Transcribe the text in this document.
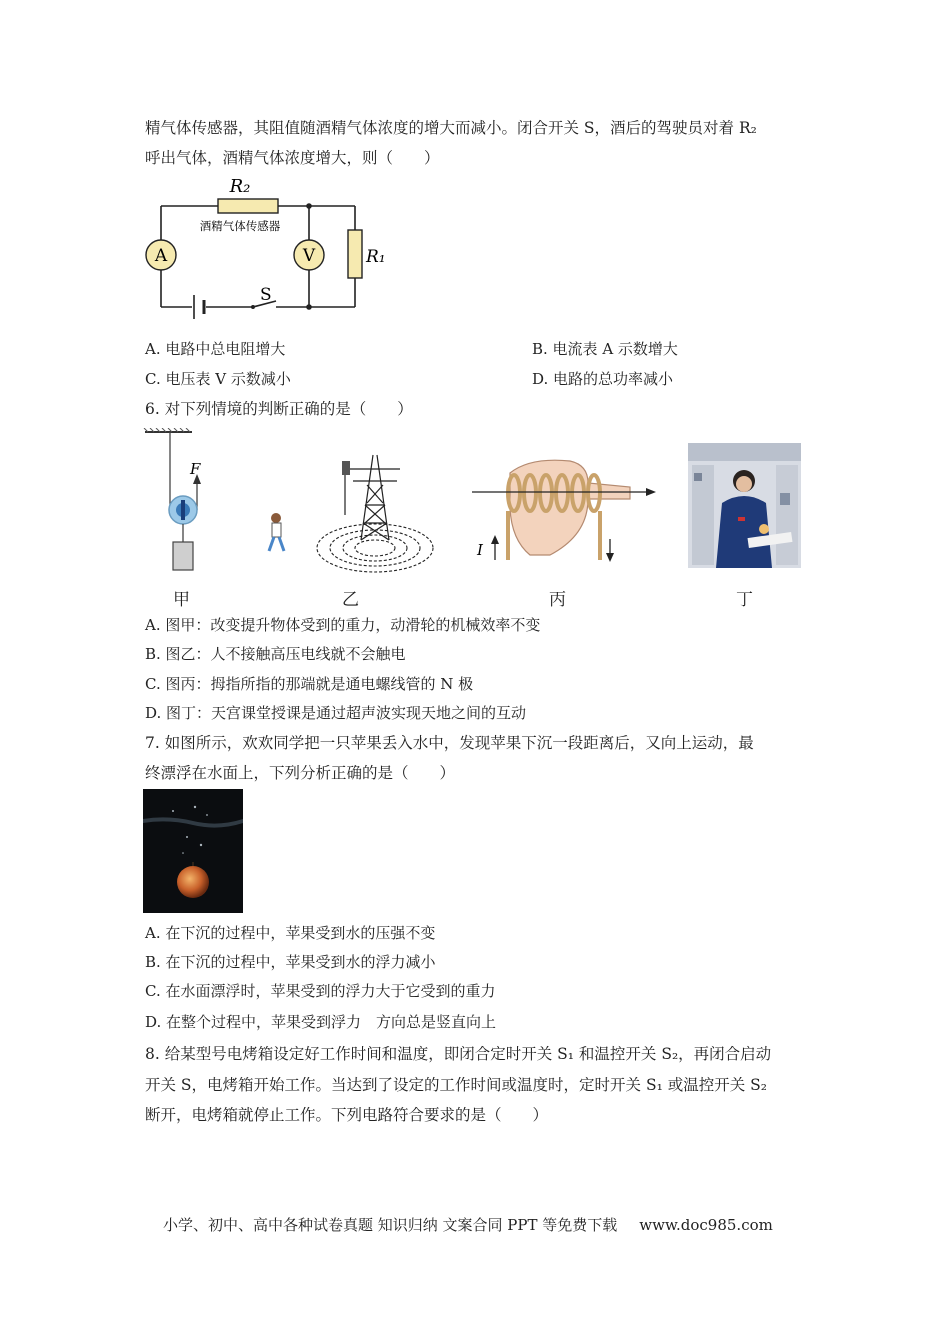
精气体传感器，其阻值随酒精气体浓度的增大而减小。闭合开关 S，酒后的驾驶员对着 R₂
呼出气体，酒精气体浓度增大，则（　　）
R₂
酒精气体传感器
A	V	R₁
S
A. 电路中总电阻增大	B. 电流表 A 示数增大
C. 电压表 V 示数减小	D. 电路的总功率减小
6. 对下列情境的判断正确的是（　　）
F
甲	乙
I
丙	丁
A. 图甲：改变提升物体受到的重力，动滑轮的机械效率不变
B. 图乙：人不接触高压电线就不会触电
C. 图丙：拇指所指的那端就是通电螺线管的 N 极
D. 图丁：天宫课堂授课是通过超声波实现天地之间的互动
7. 如图所示，欢欢同学把一只苹果丢入水中，发现苹果下沉一段距离后，又向上运动，最
终漂浮在水面上，下列分析正确的是（　　）
A. 在下沉的过程中，苹果受到水的压强不变
B. 在下沉的过程中，苹果受到水的浮力减小
C. 在水面漂浮时，苹果受到的浮力大于它受到的重力
D. 在整个过程中，苹果受到浮力　方向总是竖直向上
8. 给某型号电烤箱设定好工作时间和温度，即闭合定时开关 S₁ 和温控开关 S₂，再闭合启动
开关 S，电烤箱开始工作。当达到了设定的工作时间或温度时，定时开关 S₁ 或温控开关 S₂
断开，电烤箱就停止工作。下列电路符合要求的是（　　）
小学、初中、高中各种试卷真题 知识归纳 文案合同 PPT 等免费下载 www.doc985.com
